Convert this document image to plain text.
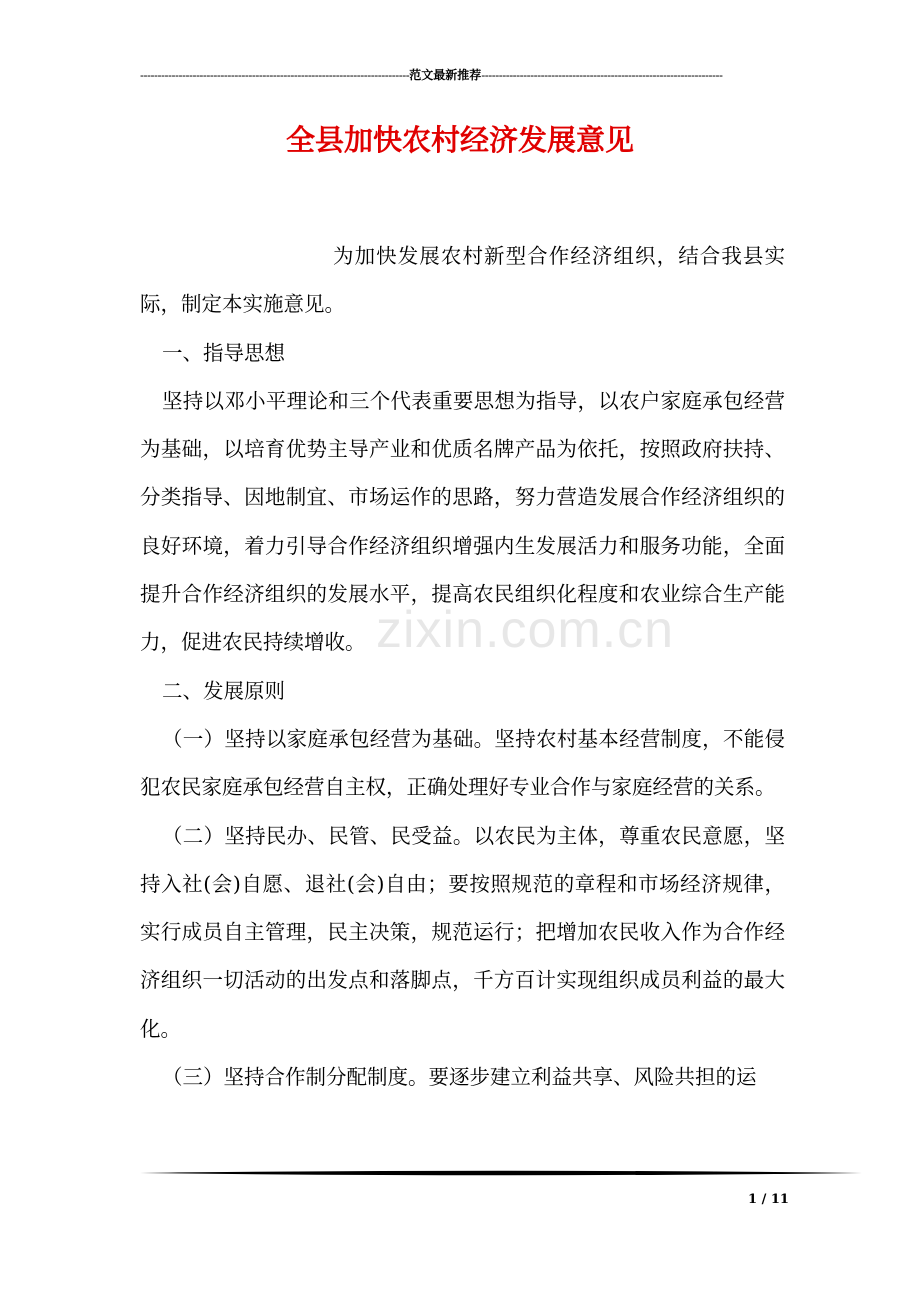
-----------------------------------------------------------------------------范文最新推荐---------------------------------------------------------------------
全县加快农村经济发展意见

为加快发展农村新型合作经济组织，结合我县实际，制定本实施意见。

一、指导思想

坚持以邓小平理论和三个代表重要思想为指导，以农户家庭承包经营为基础，以培育优势主导产业和优质名牌产品为依托，按照政府扶持、分类指导、因地制宜、市场运作的思路，努力营造发展合作经济组织的良好环境，着力引导合作经济组织增强内生发展活力和服务功能，全面提升合作经济组织的发展水平，提高农民组织化程度和农业综合生产能力，促进农民持续增收。

二、发展原则

（一）坚持以家庭承包经营为基础。坚持农村基本经营制度，不能侵犯农民家庭承包经营自主权，正确处理好专业合作与家庭经营的关系。

（二）坚持民办、民管、民受益。以农民为主体，尊重农民意愿，坚持入社(会)自愿、退社(会)自由；要按照规范的章程和市场经济规律，实行成员自主管理，民主决策，规范运行；把增加农民收入作为合作经济组织一切活动的出发点和落脚点，千方百计实现组织成员利益的最大化。

（三）坚持合作制分配制度。要逐步建立利益共享、风险共担的运

zixin.com.cn
1 / 11
